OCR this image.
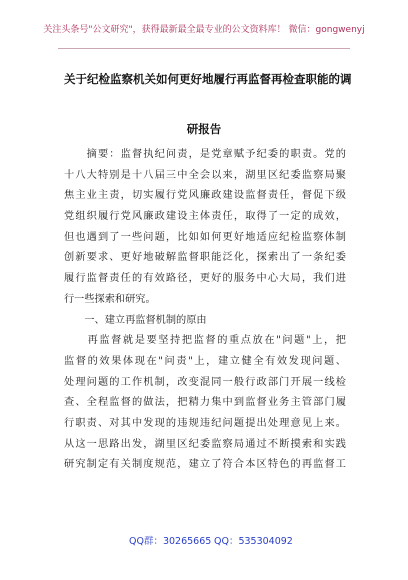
关注头条号"公文研究"，获得最新最全最专业的公文资料库！ 微信：gongwenyj
关于纪检监察机关如何更好地履行再监督再检查职能的调
研报告
　　摘要：监督执纪问责，是党章赋予纪委的职责。党的
十八大特别是十八届三中全会以来，湖里区纪委监察局聚
焦主业主责，切实履行党风廉政建设监督责任，督促下级
党组织履行党风廉政建设主体责任，取得了一定的成效，
但也遇到了一些问题，比如如何更好地适应纪检监察体制
创新要求、更好地破解监督职能泛化，探索出了一条纪委
履行监督责任的有效路径，更好的服务中心大局，我们进
行一些探索和研究。
　　一、建立再监督机制的原由
　　再监督就是要坚持把监督的重点放在"问题"上，把
监督的效果体现在"问责"上，建立健全有效发现问题、
处理问题的工作机制，改变混同一般行政部门开展一线检
查、全程监督的做法，把精力集中到监督业务主管部门履
行职责、对其中发现的违规违纪问题提出处理意见上来。
从这一思路出发，湖里区纪委监察局通过不断摸索和实践
研究制定有关制度规范，建立了符合本区特色的再监督工
QQ群：30265665 QQ：535304092
